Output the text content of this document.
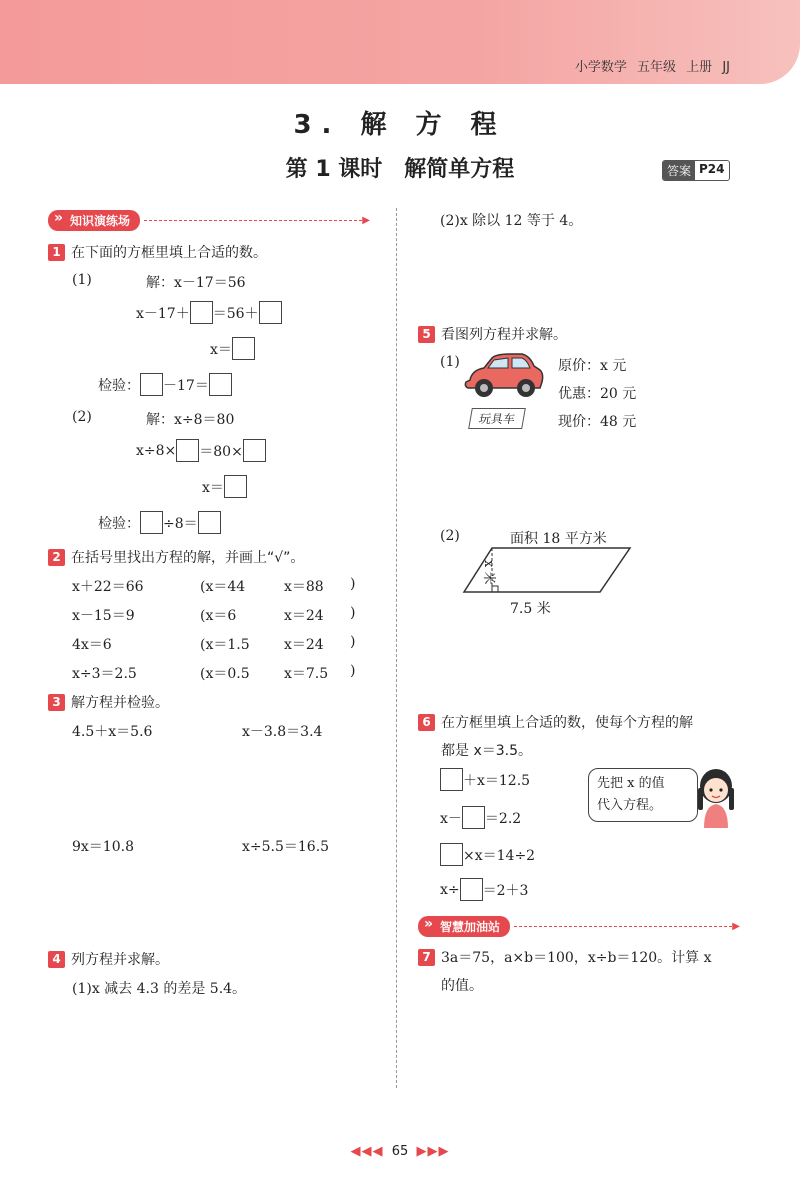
小学数学 五年级 上册 JJ
3. 解 方 程
第 1 课时　解简单方程	答案 P24
» 知识演练场	▶
1 在下面的方框里填上合适的数。
(1)	解： x－17＝56
x－17＋ ＝56＋
x＝
检验： －17＝
(2)	解： x÷8＝80
x÷8× ＝80×
x＝
检验： ÷8＝
2 在括号里找出方程的解，并画上“√”。
x＋22＝66	(x＝44	x＝88 )
x－15＝9	(x＝6	x＝24 )
4x＝6	(x＝1.5 x＝24 )
x÷3＝2.5	(x＝0.5 x＝7.5 )
3 解方程并检验。
4.5＋x＝5.6	x－3.8＝3.4
9x＝10.8	x÷5.5＝16.5
4 列方程并求解。
(1)x 减去 4.3 的差是 5.4。
(2)x 除以 12 等于 4。
5 看图列方程并求解。
(1)
玩具车
原价：x 元
优惠：20 元
现价：48 元
(2)	面积 18 平方米
x 米
7.5 米
6 在方框里填上合适的数，使每个方程的解
都是 x＝3.5。
＋x＝12.5
x－ ＝2.2
×x＝14÷2
x÷ ＝2＋3
先把 x 的值
代入方程。
» 智慧加油站	▶
7 3a＝75，a×b＝100，x÷b＝120。计算 x
的值。
◀◀◀ 65 ▶▶▶
